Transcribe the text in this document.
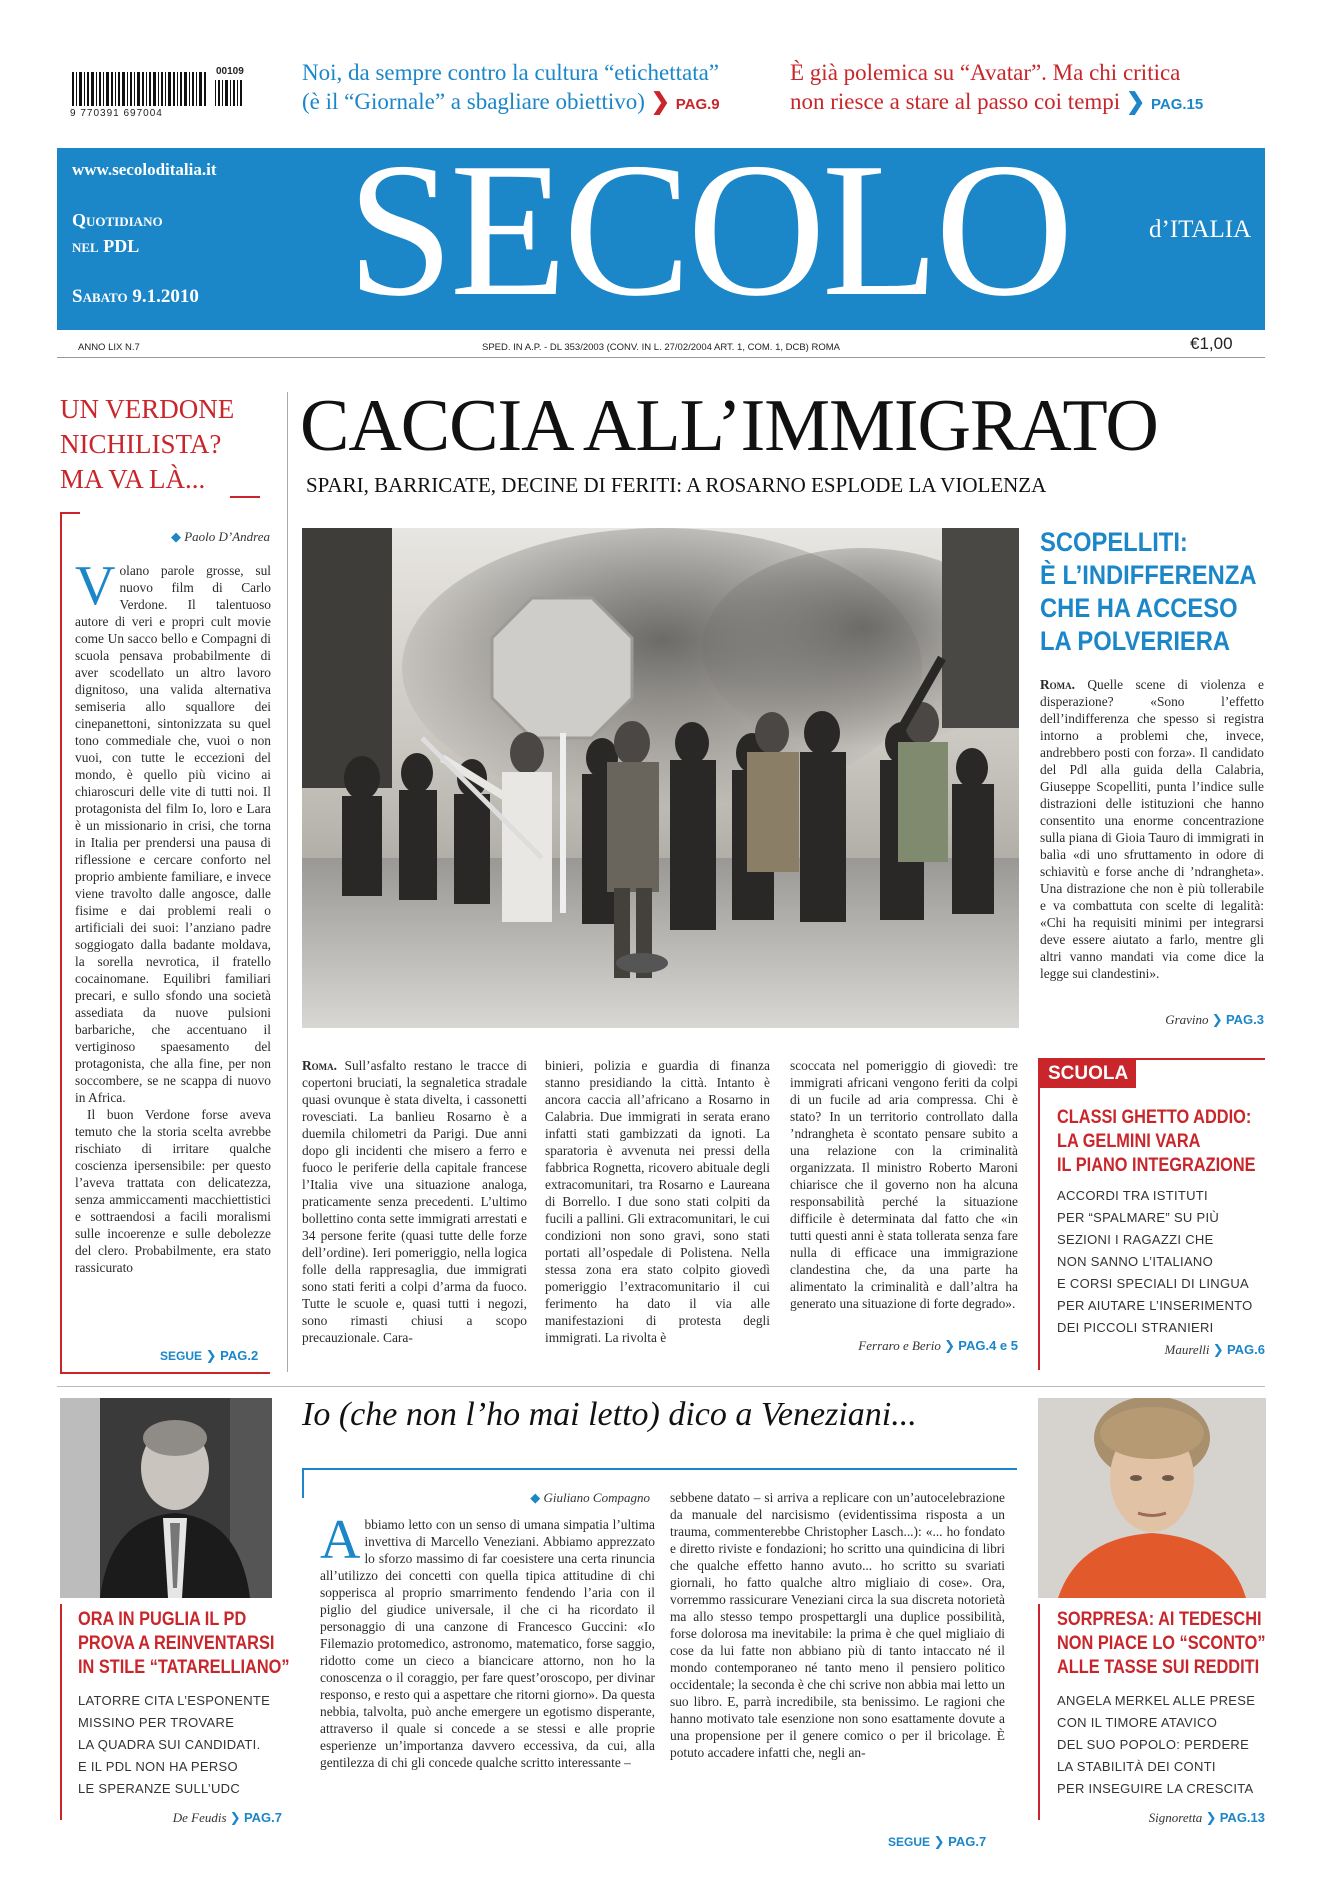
9 770391 697004
00109	Noi, da sempre contro la cultura “etichettata”
(è il “Giornale” a sbagliare obiettivo) ❯ PAG.9
È già polemica su “Avatar”. Ma chi critica
non riesce a stare al passo coi tempi ❯ PAG.15
www.secoloditalia.it
Quotidiano
nel PDL
Sabato 9.1.2010 SECOLO	d’ITALIA
ANNO LIX N.7	SPED. IN A.P. - DL 353/2003 (CONV. IN L. 27/02/2004 ART. 1, COM. 1, DCB) ROMA	€1,00
UN VERDONE
NICHILISTA?
MA VA LÀ...
◆ Paolo D’Andrea

Volano parole grosse, sul nuovo film di Carlo Verdone. Il talentuoso autore di veri e propri cult movie come Un sacco bello e Compagni di scuola pensava probabilmente di aver scodellato un altro lavoro dignitoso, una valida alternativa semiseria allo squallore dei cinepanettoni, sintonizzata su quel tono commediale che, vuoi o non vuoi, con tutte le eccezioni del mondo, è quello più vicino ai chiaroscuri delle vite di tutti noi. Il protagonista del film Io, loro e Lara è un missionario in crisi, che torna in Italia per prendersi una pausa di riflessione e cercare conforto nel proprio ambiente familiare, e invece viene travolto dalle angosce, dalle fisime e dai problemi reali o artificiali dei suoi: l’anziano padre soggiogato dalla badante moldava, la sorella nevrotica, il fratello cocainomane. Equilibri familiari precari, e sullo sfondo una società assediata da nuove pulsioni barbariche, che accentuano il vertiginoso spaesamento del protagonista, che alla fine, per non soccombere, se ne scappa di nuovo in Africa.

Il buon Verdone forse aveva temuto che la storia scelta avrebbe rischiato di irritare qualche coscienza ipersensibile: per questo l’aveva trattata con delicatezza, senza ammiccamenti macchiettistici e sottraendosi a facili moralismi sulle incoerenze e sulle debolezze del clero. Probabilmente, era stato rassicurato

SEGUE ❯ PAG.2
CACCIA ALL’IMMIGRATO
SPARI, BARRICATE, DECINE DI FERITI: A ROSARNO ESPLODE LA VIOLENZA

Roma. Sull’asfalto restano le tracce di copertoni bruciati, la segnaletica stradale quasi ovunque è stata divelta, i cassonetti rovesciati. La banlieu Rosarno è a duemila chilometri da Parigi. Due anni dopo gli incidenti che misero a ferro e fuoco le periferie della capitale francese l’Italia vive una situazione analoga, praticamente senza precedenti. L’ultimo bollettino conta sette immigrati arrestati e 34 persone ferite (quasi tutte delle forze dell’ordine). Ieri pomeriggio, nella logica folle della rappresaglia, due immigrati sono stati feriti a colpi d’arma da fuoco. Tutte le scuole e, quasi tutti i negozi, sono rimasti chiusi a scopo precauzionale. Cara-

binieri, polizia e guardia di finanza stanno presidiando la città. Intanto è ancora caccia all’africano a Rosarno in Calabria. Due immigrati in serata erano infatti stati gambizzati da ignoti. La sparatoria è avvenuta nei pressi della fabbrica Rognetta, ricovero abituale degli extracomunitari, tra Rosarno e Laureana di Borrello. I due sono stati colpiti da fucili a pallini. Gli extracomunitari, le cui condizioni non sono gravi, sono stati portati all’ospedale di Polistena. Nella stessa zona era stato colpito giovedì pomeriggio l’extracomunitario il cui ferimento ha dato il via alle manifestazioni di protesta degli immigrati. La rivolta è

scoccata nel pomeriggio di giovedì: tre immigrati africani vengono feriti da colpi di un fucile ad aria compressa. Chi è stato? In un territorio controllato dalla ’ndrangheta è scontato pensare subito a una relazione con la criminalità organizzata. Il ministro Roberto Maroni chiarisce che il governo non ha alcuna responsabilità perché la situazione difficile è determinata dal fatto che «in tutti questi anni è stata tollerata senza fare nulla di efficace una immigrazione clandestina che, da una parte ha alimentato la criminalità e dall’altra ha generato una situazione di forte degrado».

Ferraro e Berio ❯ PAG.4 e 5
SCOPELLITI:
È L’INDIFFERENZA
CHE HA ACCESO
LA POLVERIERA

Roma. Quelle scene di violenza e disperazione? «Sono l’effetto dell’indifferenza che spesso si registra intorno a problemi che, invece, andrebbero posti con forza». Il candidato del Pdl alla guida della Calabria, Giuseppe Scopelliti, punta l’indice sulle distrazioni delle istituzioni che hanno consentito una enorme concentrazione sulla piana di Gioia Tauro di immigrati in balìa «di uno sfruttamento in odore di schiavitù e forse anche di ’ndrangheta». Una distrazione che non è più tollerabile e va combattuta con scelte di legalità: «Chi ha requisiti minimi per integrarsi deve essere aiutato a farlo, mentre gli altri vanno mandati via come dice la legge sui clandestini».

Gravino ❯ PAG.3
SCUOLA
CLASSI GHETTO ADDIO:
LA GELMINI VARA
IL PIANO INTEGRAZIONE
ACCORDI TRA ISTITUTI
PER “SPALMARE” SU PIÙ
SEZIONI I RAGAZZI CHE
NON SANNO L’ITALIANO
E CORSI SPECIALI DI LINGUA
PER AIUTARE L’INSERIMENTO
DEI PICCOLI STRANIERI
Maurelli ❯ PAG.6
ORA IN PUGLIA IL PD
PROVA A REINVENTARSI
IN STILE “TATARELLIANO”
LATORRE CITA L’ESPONENTE
MISSINO PER TROVARE
LA QUADRA SUI CANDIDATI.
E IL PDL NON HA PERSO
LE SPERANZE SULL’UDC
De Feudis ❯ PAG.7
Io (che non l’ho mai letto) dico a Veneziani...
◆ Giuliano Compagno

Abbiamo letto con un senso di umana simpatia l’ultima invettiva di Marcello Veneziani. Abbiamo apprezzato lo sforzo massimo di far coesistere una certa rinuncia all’utilizzo dei concetti con quella tipica attitudine di chi sopperisca al proprio smarrimento fendendo l’aria con il piglio del giudice universale, il che ci ha ricordato il personaggio di una canzone di Francesco Guccini: «Io Filemazio protomedico, astronomo, matematico, forse saggio, ridotto come un cieco a biancicare attorno, non ho la conoscenza o il coraggio, per fare quest’oroscopo, per divinar responso, e resto qui a aspettare che ritorni giorno». Da questa nebbia, talvolta, può anche emergere un egotismo disperante, attraverso il quale si concede a se stessi e alle proprie esperienze un’importanza davvero eccessiva, da cui, alla gentilezza di chi gli concede qualche scritto interessante –

sebbene datato – si arriva a replicare con un’autocelebrazione da manuale del narcisismo (evidentissima risposta a un trauma, commenterebbe Christopher Lasch...): «... ho fondato e diretto riviste e fondazioni; ho scritto una quindicina di libri che qualche effetto hanno avuto... ho scritto su svariati giornali, ho fatto qualche altro migliaio di cose». Ora, vorremmo rassicurare Veneziani circa la sua discreta notorietà ma allo stesso tempo prospettargli una duplice possibilità, forse dolorosa ma inevitabile: la prima è che quel migliaio di cose da lui fatte non abbiano più di tanto intaccato né il mondo contemporaneo né tanto meno il pensiero politico occidentale; la seconda è che chi scrive non abbia mai letto un suo libro. E, parrà incredibile, sta benissimo. Le ragioni che hanno motivato tale esenzione non sono esattamente dovute a una propensione per il genere comico o per il bricolage. È potuto accadere infatti che, negli an-

SEGUE ❯ PAG.7
SORPRESA: AI TEDESCHI
NON PIACE LO “SCONTO”
ALLE TASSE SUI REDDITI
ANGELA MERKEL ALLE PRESE
CON IL TIMORE ATAVICO
DEL SUO POPOLO: PERDERE
LA STABILITÀ DEI CONTI
PER INSEGUIRE LA CRESCITA
Signoretta ❯ PAG.13
